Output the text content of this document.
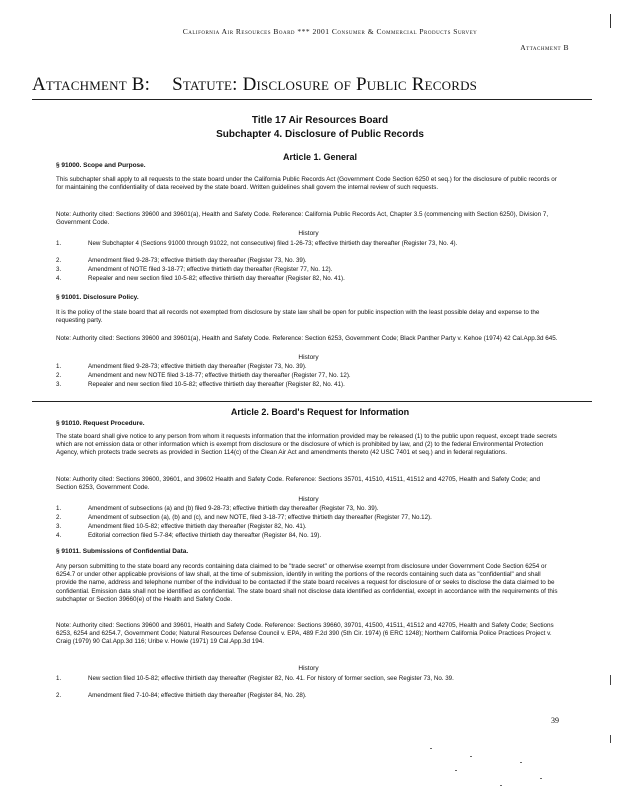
California Air Resources Board *** 2001 Consumer & Commercial Products Survey
Attachment B
Attachment B: Statute: Disclosure of Public Records
Title 17 Air Resources Board
Subchapter 4. Disclosure of Public Records
Article 1. General
§ 91000. Scope and Purpose.
This subchapter shall apply to all requests to the state board under the California Public Records Act (Government Code Section 6250 et seq.) for the disclosure of public records or for maintaining the confidentiality of data received by the state board. Written guidelines shall govern the internal review of such requests.
Note: Authority cited: Sections 39600 and 39601(a), Health and Safety Code. Reference: California Public Records Act, Chapter 3.5 (commencing with Section 6250), Division 7, Government Code.
History
1.	New Subchapter 4 (Sections 91000 through 91022, not consecutive) filed 1-26-73; effective thirtieth day thereafter (Register 73, No. 4).
2.	Amendment filed 9-28-73; effective thirtieth day thereafter (Register 73, No. 39).
3.	Amendment of NOTE filed 3-18-77; effective thirtieth day thereafter (Register 77, No. 12).
4.	Repealer and new section filed 10-5-82; effective thirtieth day thereafter (Register 82, No. 41).
§ 91001. Disclosure Policy.
It is the policy of the state board that all records not exempted from disclosure by state law shall be open for public inspection with the least possible delay and expense to the requesting party.
Note: Authority cited: Sections 39600 and 39601(a), Health and Safety Code. Reference: Section 6253, Government Code; Black Panther Party v. Kehoe (1974) 42 Cal.App.3d 645.
History
1.	Amendment filed 9-28-73; effective thirtieth day thereafter (Register 73, No. 39).
2.	Amendment and new NOTE filed 3-18-77; effective thirtieth day thereafter (Register 77, No. 12).
3.	Repealer and new section filed 10-5-82; effective thirtieth day thereafter (Register 82, No. 41).
Article 2. Board's Request for Information
§ 91010. Request Procedure.
The state board shall give notice to any person from whom it requests information that the information provided may be released (1) to the public upon request, except trade secrets which are not emission data or other information which is exempt from disclosure or the disclosure of which is prohibited by law, and (2) to the federal Environmental Protection Agency, which protects trade secrets as provided in Section 114(c) of the Clean Air Act and amendments thereto (42 USC 7401 et seq.) and in federal regulations.
Note: Authority cited: Sections 39600, 39601, and 39602 Health and Safety Code. Reference: Sections 35701, 41510, 41511, 41512 and 42705, Health and Safety Code; and Section 6253, Government Code.
History
1.	Amendment of subsections (a) and (b) filed 9-28-73; effective thirtieth day thereafter (Register 73, No. 39).
2.	Amendment of subsection (a), (b) and (c), and new NOTE, filed 3-18-77; effective thirtieth day thereafter (Register 77, No.12).
3.	Amendment filed 10-5-82; effective thirtieth day thereafter (Register 82, No. 41).
4.	Editorial correction filed 5-7-84; effective thirtieth day thereafter (Register 84, No. 19).
§ 91011. Submissions of Confidential Data.
Any person submitting to the state board any records containing data claimed to be "trade secret" or otherwise exempt from disclosure under Government Code Section 6254 or 6254.7 or under other applicable provisions of law shall, at the time of submission, identify in writing the portions of the records containing such data as "confidential" and shall provide the name, address and telephone number of the individual to be contacted if the state board receives a request for disclosure of or seeks to disclose the data claimed to be confidential. Emission data shall not be identified as confidential. The state board shall not disclose data identified as confidential, except in accordance with the requirements of this subchapter or Section 39660(e) of the Health and Safety Code.
Note: Authority cited: Sections 39600 and 39601, Health and Safety Code. Reference: Sections 39660, 39701, 41500, 41511, 41512 and 42705, Health and Safety Code; Sections 6253, 6254 and 6254.7, Government Code; Natural Resources Defense Council v. EPA, 489 F.2d 390 (5th Cir. 1974) (6 ERC 1248); Northern California Police Practices Project v. Craig (1979) 90 Cal.App.3d 116; Uribe v. Howie (1971) 19 Cal.App.3d 194.
History
1.	New section filed 10-5-82; effective thirtieth day thereafter (Register 82, No. 41. For history of former section, see Register 73, No. 39.
2.	Amendment filed 7-10-84; effective thirtieth day thereafter (Register 84, No. 28).
39
